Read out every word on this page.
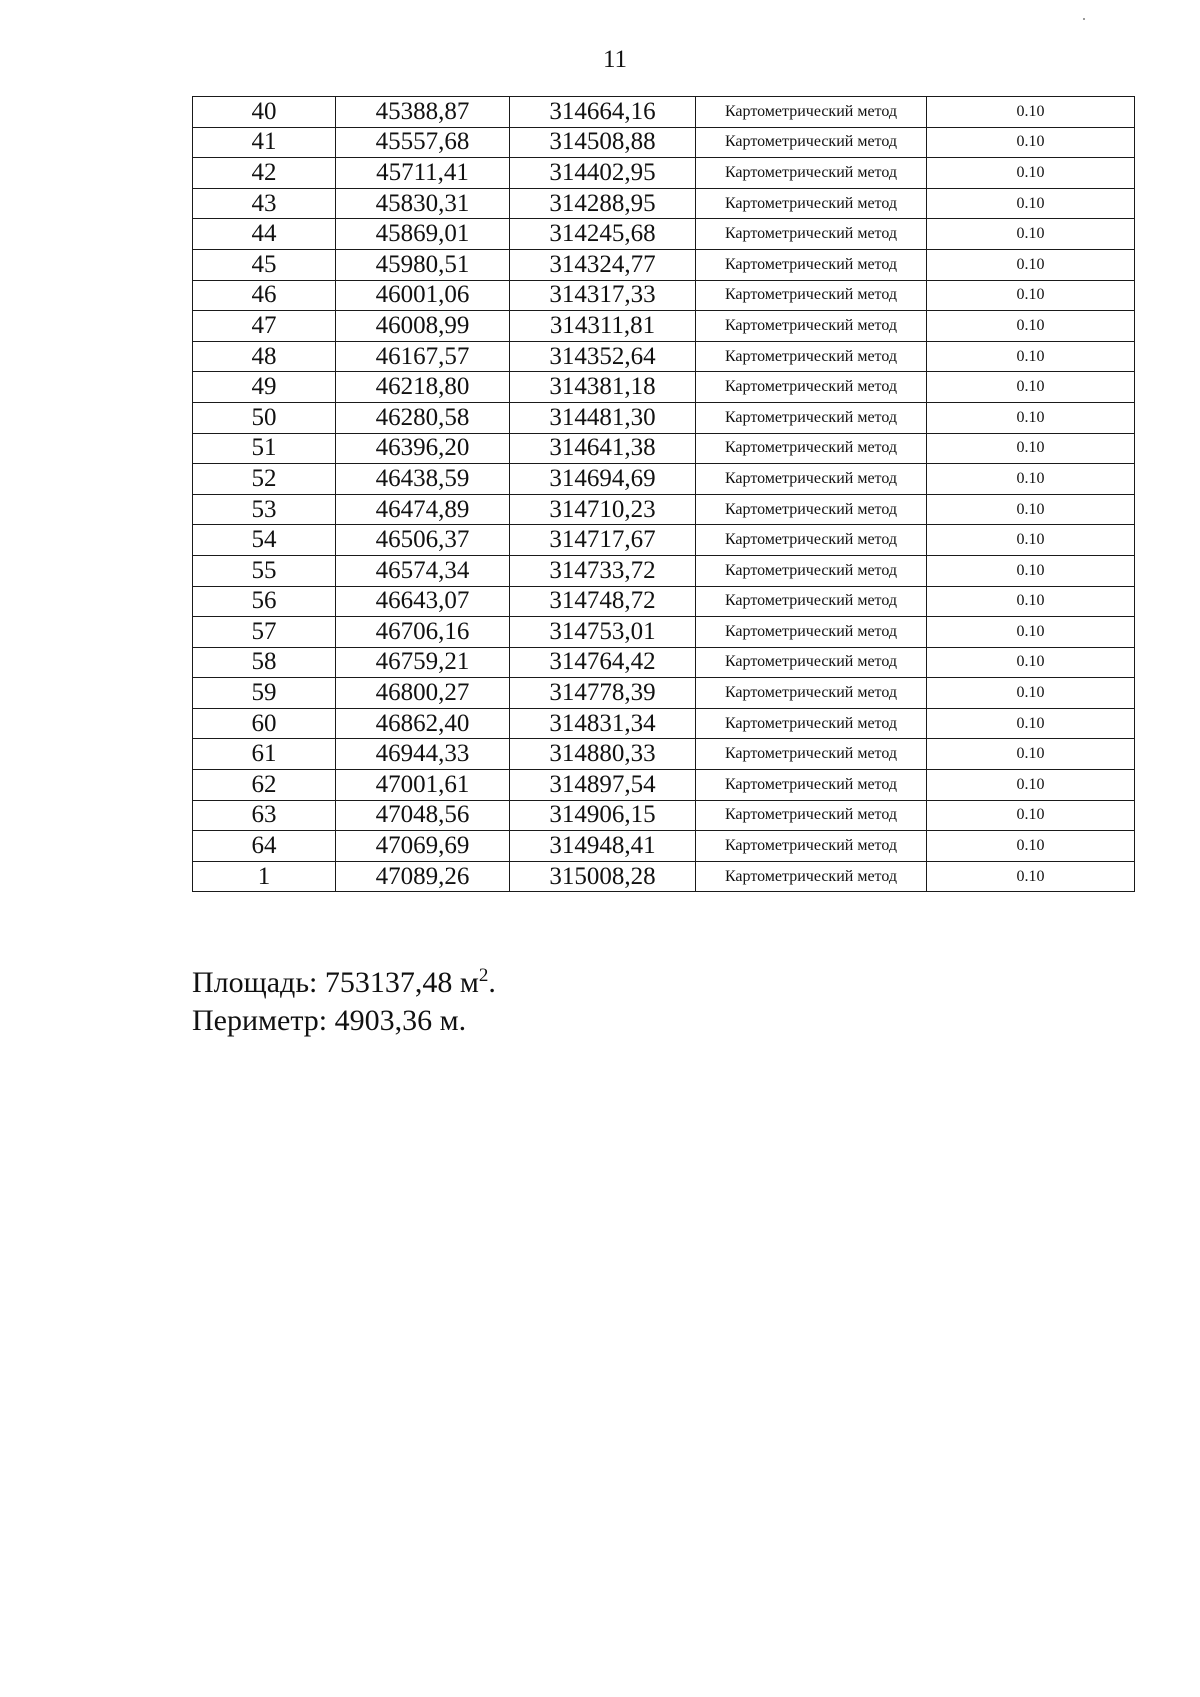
11
40	45388,87	314664,16	Картометрический метод	0.10
41	45557,68	314508,88	Картометрический метод	0.10
42	45711,41	314402,95	Картометрический метод	0.10
43	45830,31	314288,95	Картометрический метод	0.10
44	45869,01	314245,68	Картометрический метод	0.10
45	45980,51	314324,77	Картометрический метод	0.10
46	46001,06	314317,33	Картометрический метод	0.10
47	46008,99	314311,81	Картометрический метод	0.10
48	46167,57	314352,64	Картометрический метод	0.10
49	46218,80	314381,18	Картометрический метод	0.10
50	46280,58	314481,30	Картометрический метод	0.10
51	46396,20	314641,38	Картометрический метод	0.10
52	46438,59	314694,69	Картометрический метод	0.10
53	46474,89	314710,23	Картометрический метод	0.10
54	46506,37	314717,67	Картометрический метод	0.10
55	46574,34	314733,72	Картометрический метод	0.10
56	46643,07	314748,72	Картометрический метод	0.10
57	46706,16	314753,01	Картометрический метод	0.10
58	46759,21	314764,42	Картометрический метод	0.10
59	46800,27	314778,39	Картометрический метод	0.10
60	46862,40	314831,34	Картометрический метод	0.10
61	46944,33	314880,33	Картометрический метод	0.10
62	47001,61	314897,54	Картометрический метод	0.10
63	47048,56	314906,15	Картометрический метод	0.10
64	47069,69	314948,41	Картометрический метод	0.10
1	47089,26	315008,28	Картометрический метод	0.10
Площадь: 753137,48 $м^2$.
Периметр: 4903,36 м.
